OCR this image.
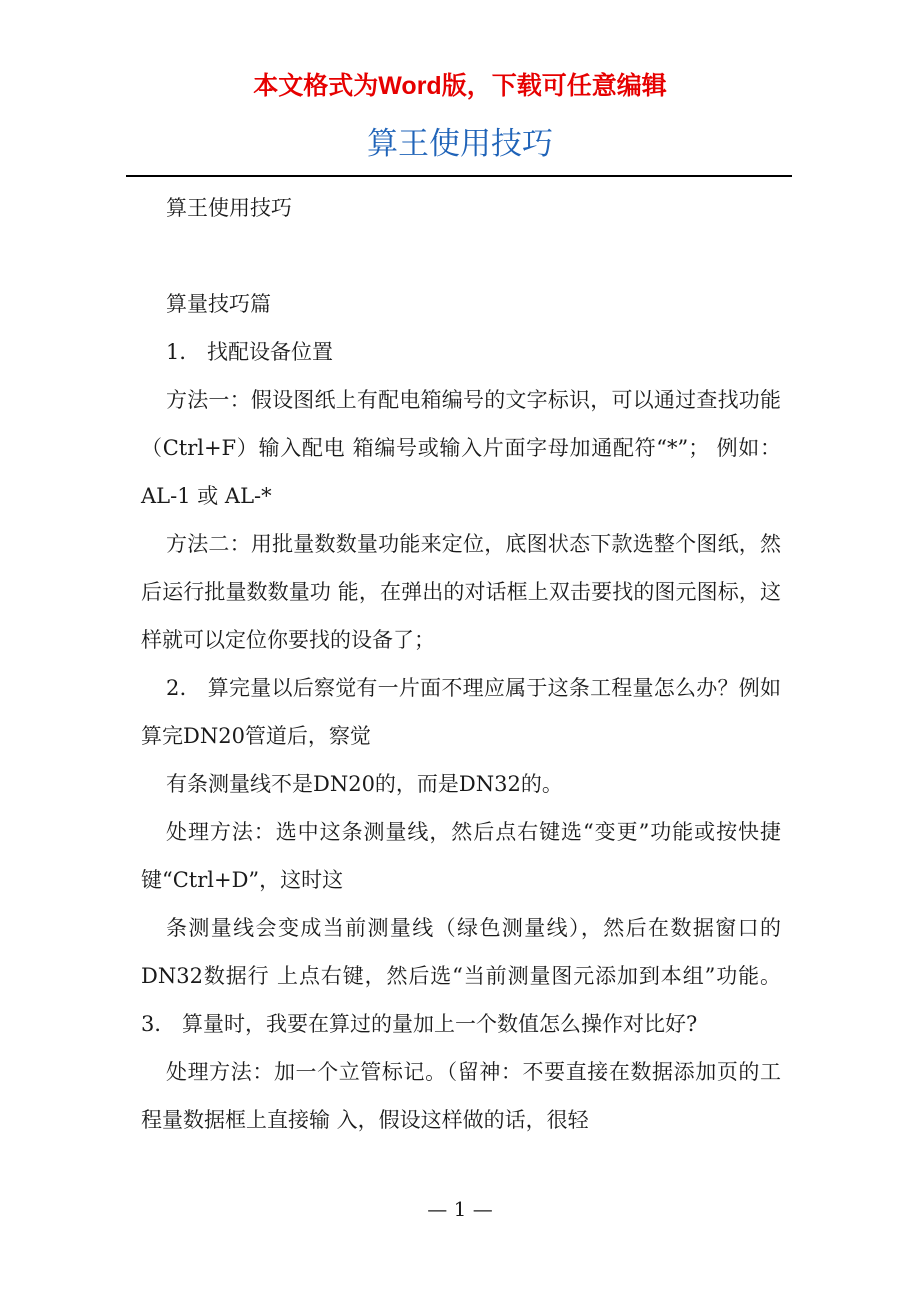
本文格式为Word版，下载可任意编辑
算王使用技巧

算王使用技巧

算量技巧篇

1． 找配设备位置

方法一：假设图纸上有配电箱编号的文字标识，可以通过查找功能（Ctrl+F）输入配电 箱编号或输入片面字母加通配符“*”； 例如：AL-1 或 AL-*

方法二：用批量数数量功能来定位，底图状态下款选整个图纸，然后运行批量数数量功 能，在弹出的对话框上双击要找的图元图标，这样就可以定位你要找的设备了；

2． 算完量以后察觉有一片面不理应属于这条工程量怎么办？例如算完DN20管道后，察觉

有条测量线不是DN20的，而是DN32的。

处理方法：选中这条测量线，然后点右键选“变更”功能或按快捷键“Ctrl+D”，这时这

条测量线会变成当前测量线（绿色测量线），然后在数据窗口的DN32数据行 上点右键，然后选“当前测量图元添加到本组”功能。 3． 算量时，我要在算过的量加上一个数值怎么操作对比好?

处理方法：加一个立管标记。（留神：不要直接在数据添加页的工程量数据框上直接输 入，假设这样做的话，很轻

— 1 —
